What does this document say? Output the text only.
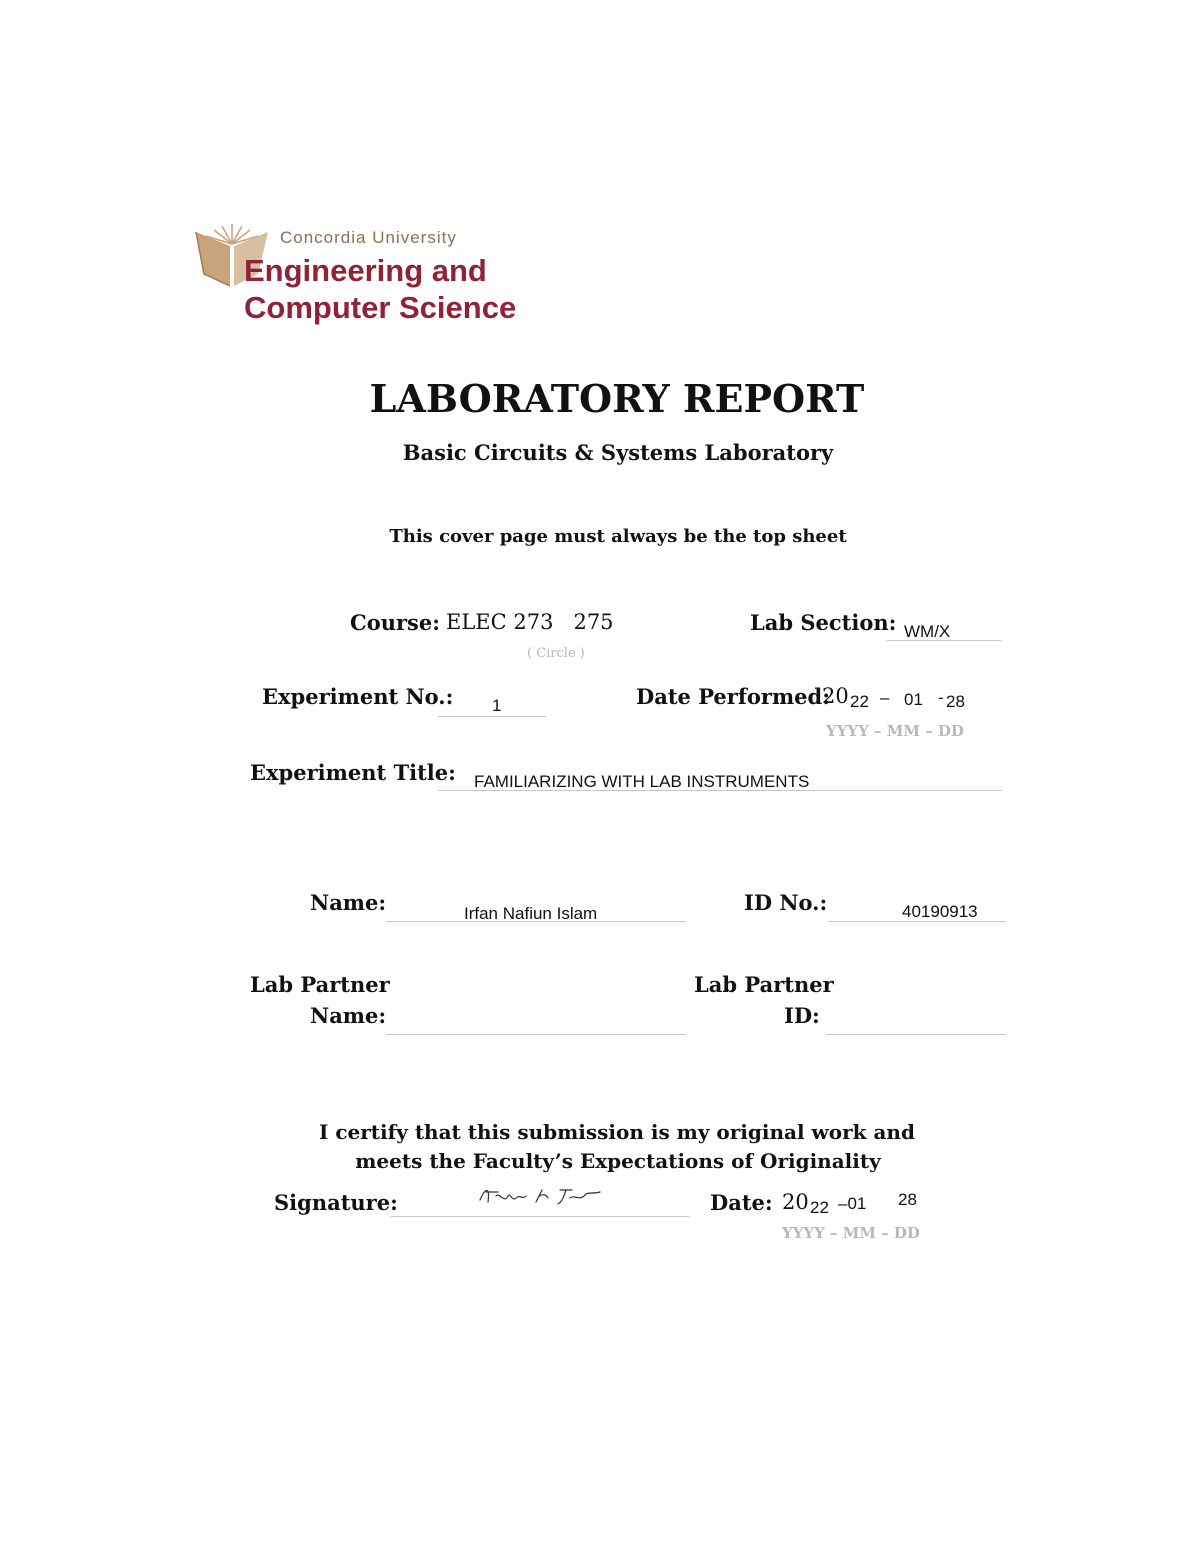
Concordia University
Engineering and
Computer Science
LABORATORY REPORT
Basic Circuits & Systems Laboratory
This cover page must always be the top sheet
Course: ELEC 273   275
( Circle )
Lab Section: WM/X
Experiment No.: 1	Date Performed:
20 22 – 01 - 28
YYYY – MM – DD
Experiment Title: FAMILIARIZING WITH LAB INSTRUMENTS
Name:	Irfan Nafiun Islam	ID No.:	40190913
Lab Partner
Name:
Lab Partner
ID:
I certify that this submission is my original work and
meets the Faculty’s Expectations of Originality
Signature:	Date: 20 22 –01 28
YYYY – MM – DD
